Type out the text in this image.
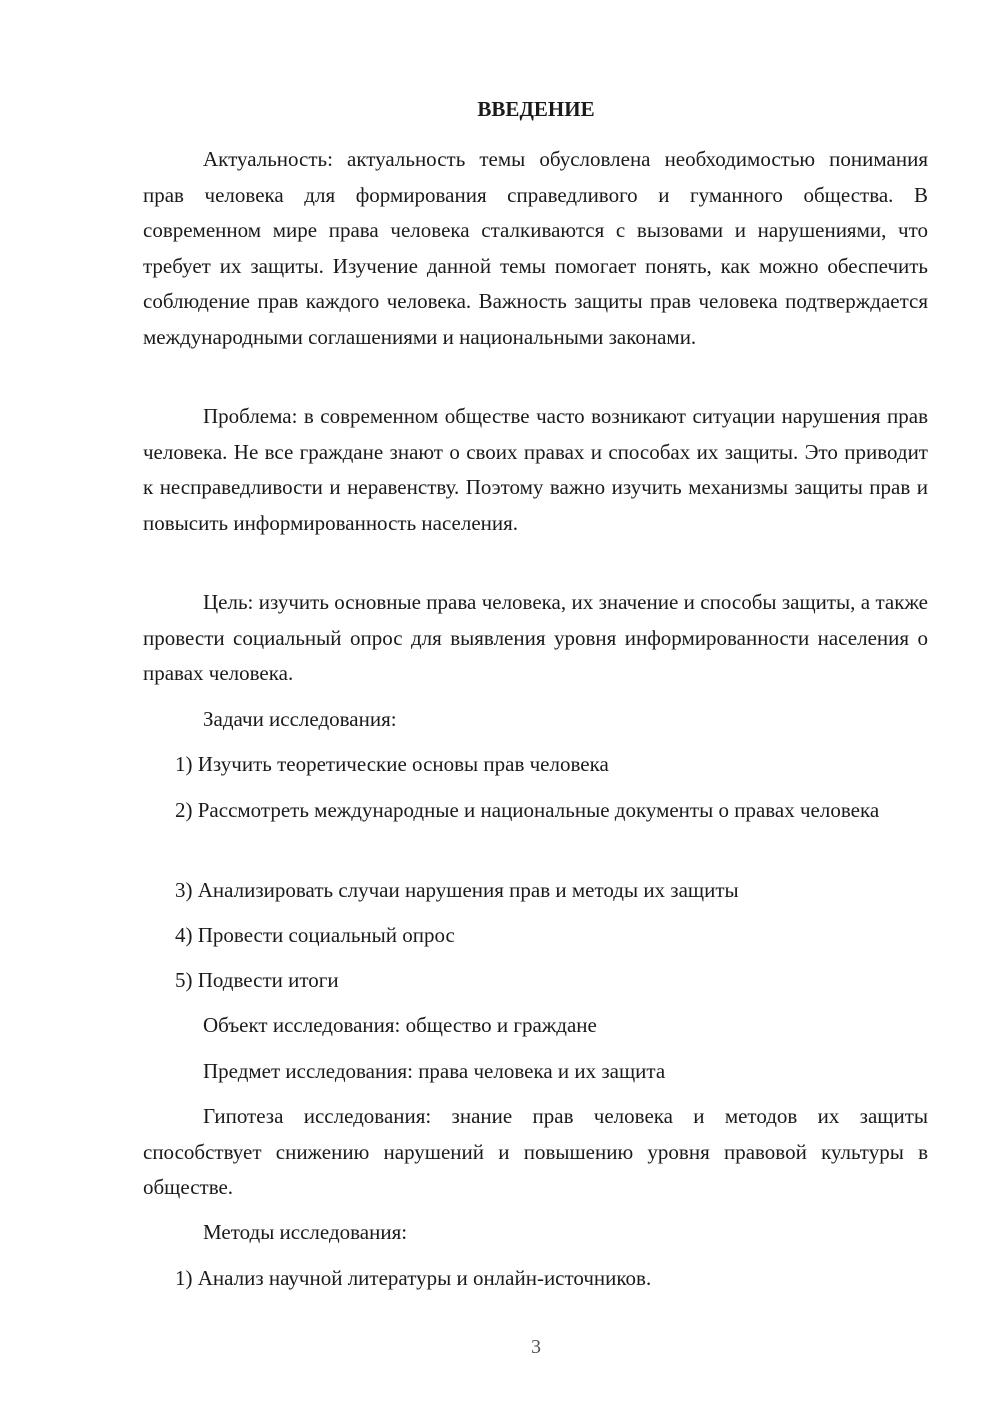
ВВЕДЕНИЕ

Актуальность: актуальность темы обусловлена необходимостью понимания прав человека для формирования справедливого и гуманного общества. В современном мире права человека сталкиваются с вызовами и нарушениями, что требует их защиты. Изучение данной темы помогает понять, как можно обеспечить соблюдение прав каждого человека. Важность защиты прав человека подтверждается международными соглашениями и национальными законами.

Проблема: в современном обществе часто возникают ситуации нарушения прав человека. Не все граждане знают о своих правах и способах их защиты. Это приводит к несправедливости и неравенству. Поэтому важно изучить механизмы защиты прав и повысить информированность населения.

Цель: изучить основные права человека, их значение и способы защиты, а также провести социальный опрос для выявления уровня информированности населения о правах человека.

Задачи исследования:

1) Изучить теоретические основы прав человека

2) Рассмотреть международные и национальные документы о правах человека

3) Анализировать случаи нарушения прав и методы их защиты

4) Провести социальный опрос

5) Подвести итоги

Объект исследования: общество и граждане

Предмет исследования: права человека и их защита

Гипотеза исследования: знание прав человека и методов их защиты способствует снижению нарушений и повышению уровня правовой культуры в обществе.

Методы исследования:

1) Анализ научной литературы и онлайн-источников.

3
